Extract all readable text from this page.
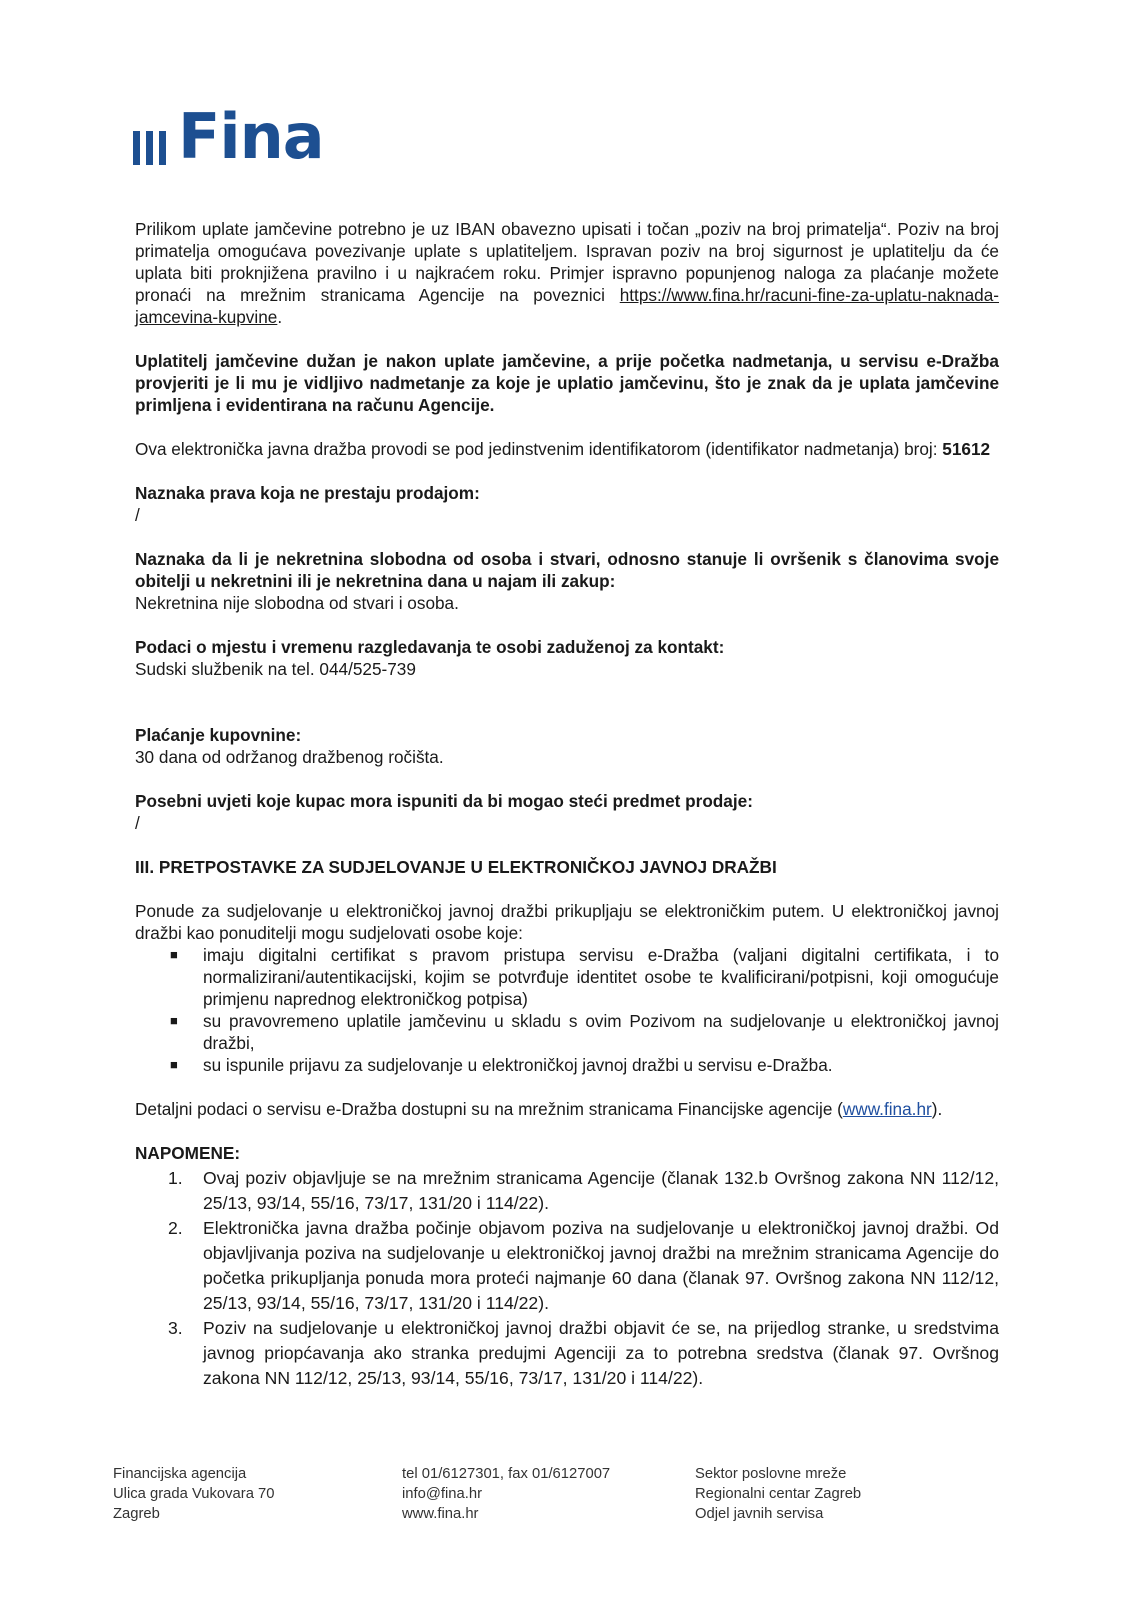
Fina

Prilikom uplate jamčevine potrebno je uz IBAN obavezno upisati i točan „poziv na broj primatelja“. Poziv na broj primatelja omogućava povezivanje uplate s uplatiteljem. Ispravan poziv na broj sigurnost je uplatitelju da će uplata biti proknjižena pravilno i u najkraćem roku. Primjer ispravno popunjenog naloga za plaćanje možete pronaći na mrežnim stranicama Agencije na poveznici https://www.fina.hr/racuni-fine-za-uplatu-naknada-jamcevina-kupvine.

Uplatitelj jamčevine dužan je nakon uplate jamčevine, a prije početka nadmetanja, u servisu e-Dražba provjeriti je li mu je vidljivo nadmetanje za koje je uplatio jamčevinu, što je znak da je uplata jamčevine primljena i evidentirana na računu Agencije.

Ova elektronička javna dražba provodi se pod jedinstvenim identifikatorom (identifikator nadmetanja) broj: 51612

Naznaka prava koja ne prestaju prodajom:

/

Naznaka da li je nekretnina slobodna od osoba i stvari, odnosno stanuje li ovršenik s članovima svoje obitelji u nekretnini ili je nekretnina dana u najam ili zakup:

Nekretnina nije slobodna od stvari i osoba.

Podaci o mjestu i vremenu razgledavanja te osobi zaduženoj za kontakt:

Sudski službenik na tel. 044/525-739

Plaćanje kupovnine:

30 dana od održanog dražbenog ročišta.

Posebni uvjeti koje kupac mora ispuniti da bi mogao steći predmet prodaje:

/

III. PRETPOSTAVKE ZA SUDJELOVANJE U ELEKTRONIČKOJ JAVNOJ DRAŽBI

Ponude za sudjelovanje u elektroničkoj javnoj dražbi prikupljaju se elektroničkim putem. U elektroničkoj javnoj dražbi kao ponuditelji mogu sudjelovati osobe koje:

■ imaju digitalni certifikat s pravom pristupa servisu e-Dražba (valjani digitalni certifikata, i to normalizirani/autentikacijski, kojim se potvrđuje identitet osobe te kvalificirani/potpisni, koji omogućuje primjenu naprednog elektroničkog potpisa)
■ su pravovremeno uplatile jamčevinu u skladu s ovim Pozivom na sudjelovanje u elektroničkoj javnoj dražbi,
■ su ispunile prijavu za sudjelovanje u elektroničkoj javnoj dražbi u servisu e-Dražba.

Detaljni podaci o servisu e-Dražba dostupni su na mrežnim stranicama Financijske agencije (www.fina.hr).

NAPOMENE:

1. Ovaj poziv objavljuje se na mrežnim stranicama Agencije (članak 132.b Ovršnog zakona NN 112/12, 25/13, 93/14, 55/16, 73/17, 131/20 i 114/22).
2. Elektronička javna dražba počinje objavom poziva na sudjelovanje u elektroničkoj javnoj dražbi. Od objavljivanja poziva na sudjelovanje u elektroničkoj javnoj dražbi na mrežnim stranicama Agencije do početka prikupljanja ponuda mora proteći najmanje 60 dana (članak 97. Ovršnog zakona NN 112/12, 25/13, 93/14, 55/16, 73/17, 131/20 i 114/22).
3. Poziv na sudjelovanje u elektroničkoj javnoj dražbi objavit će se, na prijedlog stranke, u sredstvima javnog priopćavanja ako stranka predujmi Agenciji za to potrebna sredstva (članak 97. Ovršnog zakona NN 112/12, 25/13, 93/14, 55/16, 73/17, 131/20 i 114/22).
Financijska agencija
Ulica grada Vukovara 70
Zagreb
tel 01/6127301, fax 01/6127007
info@fina.hr
www.fina.hr
Sektor poslovne mreže
Regionalni centar Zagreb
Odjel javnih servisa
